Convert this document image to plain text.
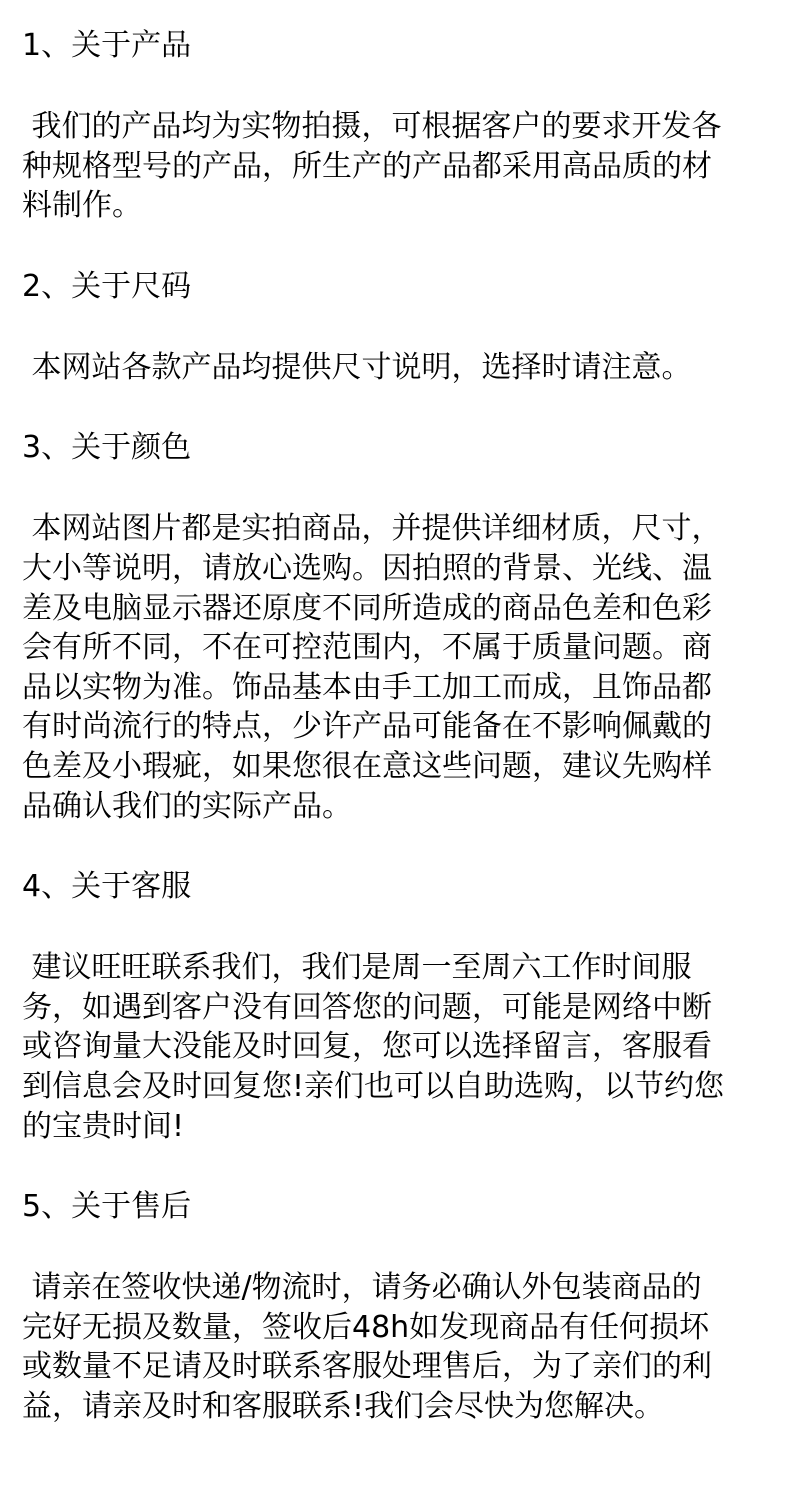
1、关于产品

我们的产品均为实物拍摄，可根据客户的要求开发各
种规格型号的产品，所生产的产品都采用高品质的材
料制作。

2、关于尺码

本网站各款产品均提供尺寸说明，选择时请注意。

3、关于颜色

本网站图片都是实拍商品，并提供详细材质，尺寸，
大小等说明，请放心选购。因拍照的背景、光线、温
差及电脑显示器还原度不同所造成的商品色差和色彩
会有所不同，不在可控范围内，不属于质量问题。商
品以实物为准。饰品基本由手工加工而成，且饰品都
有时尚流行的特点，少许产品可能备在不影响佩戴的
色差及小瑕疵，如果您很在意这些问题，建议先购样
品确认我们的实际产品。

4、关于客服

建议旺旺联系我们，我们是周一至周六工作时间服
务，如遇到客户没有回答您的问题，可能是网络中断
或咨询量大没能及时回复，您可以选择留言，客服看
到信息会及时回复您!亲们也可以自助选购，以节约您
的宝贵时间!

5、关于售后

请亲在签收快递/物流时，请务必确认外包装商品的
完好无损及数量，签收后48h如发现商品有任何损坏
或数量不足请及时联系客服处理售后，为了亲们的利
益，请亲及时和客服联系!我们会尽快为您解决。
